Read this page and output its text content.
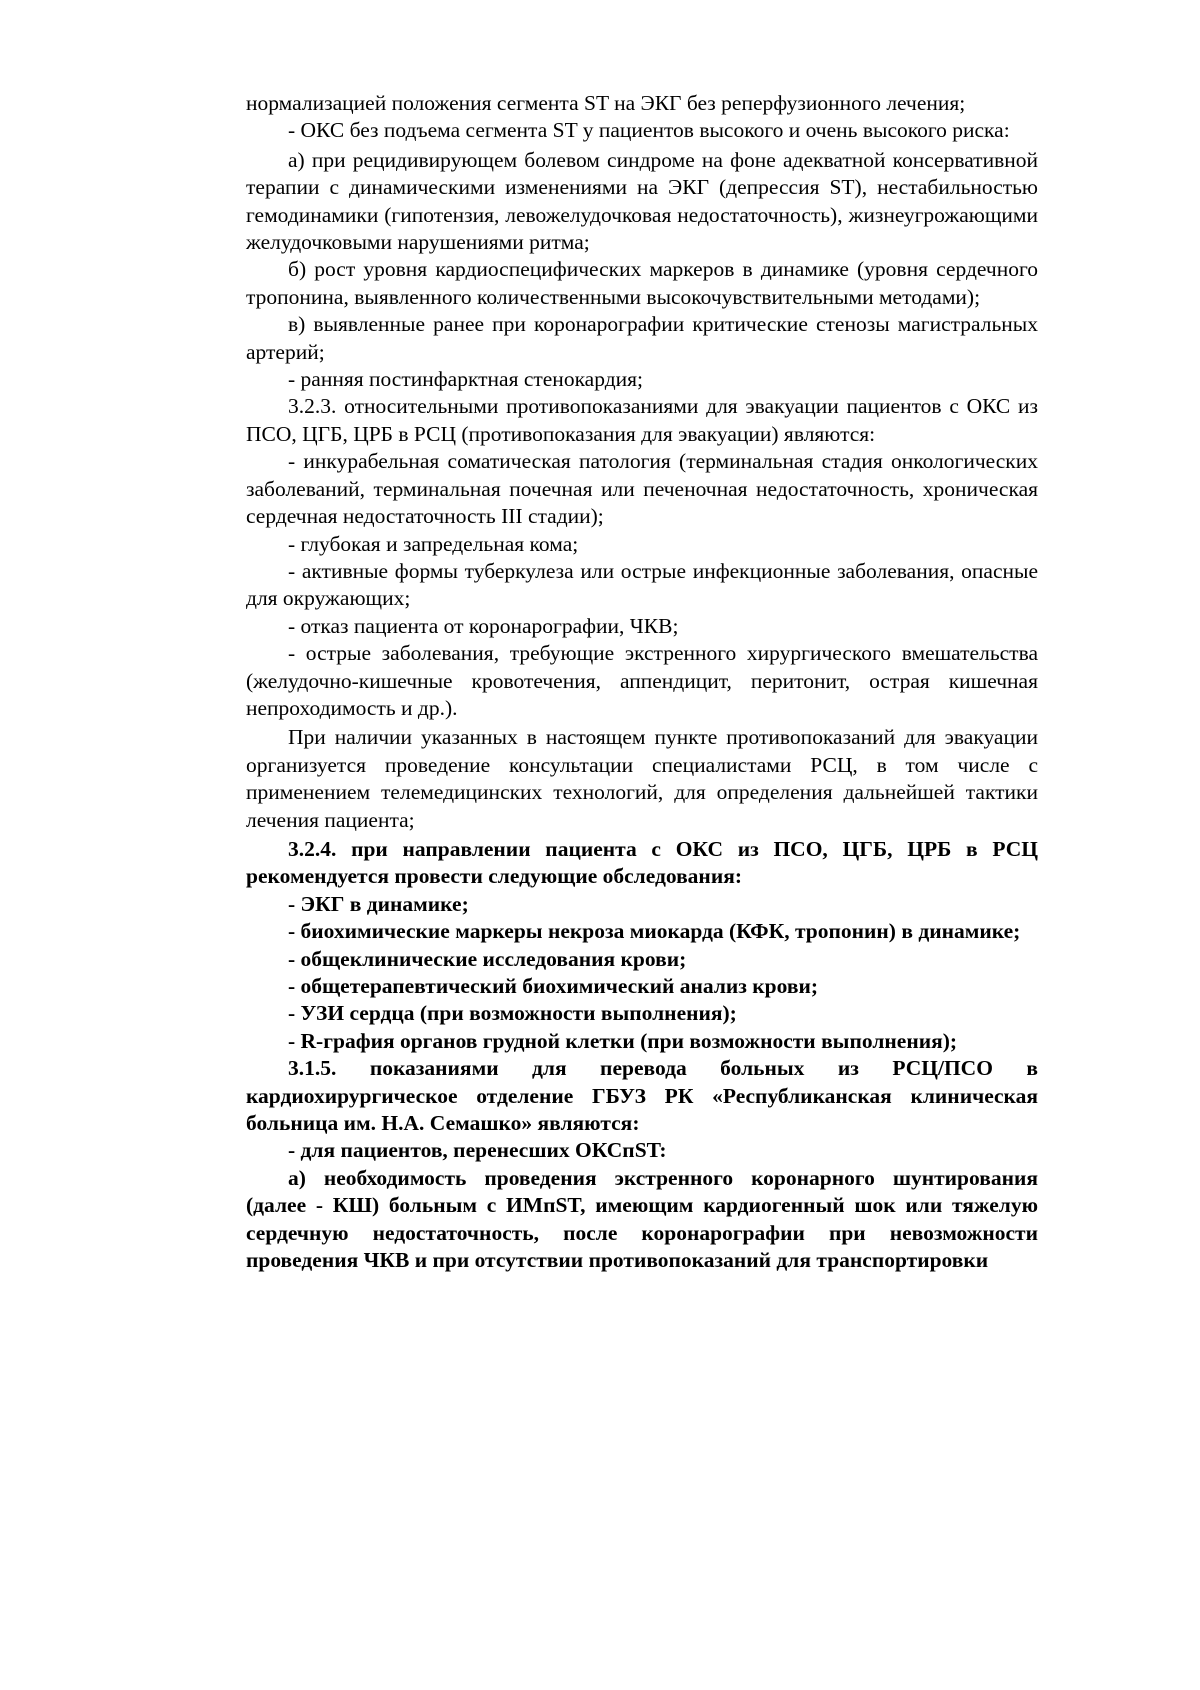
нормализацией положения сегмента ST на ЭКГ без реперфузионного лечения;

- ОКС без подъема сегмента ST у пациентов высокого и очень высокого риска:

а) при рецидивирующем болевом синдроме на фоне адекватной консервативной терапии с динамическими изменениями на ЭКГ (депрессия ST), нестабильностью гемодинамики (гипотензия, левожелудочковая недостаточность), жизнеугрожающими желудочковыми нарушениями ритма;

б) рост уровня кардиоспецифических маркеров в динамике (уровня сердечного тропонина, выявленного количественными высокочувствительными методами);

в) выявленные ранее при коронарографии критические стенозы магистральных артерий;

- ранняя постинфарктная стенокардия;

3.2.3. относительными противопоказаниями для эвакуации пациентов с ОКС из ПСО, ЦГБ, ЦРБ в РСЦ (противопоказания для эвакуации) являются:

- инкурабельная соматическая патология (терминальная стадия онкологических заболеваний, терминальная почечная или печеночная недостаточность, хроническая сердечная недостаточность III стадии);

- глубокая и запредельная кома;

- активные формы туберкулеза или острые инфекционные заболевания, опасные для окружающих;

- отказ пациента от коронарографии, ЧКВ;

- острые заболевания, требующие экстренного хирургического вмешательства (желудочно-кишечные кровотечения, аппендицит, перитонит, острая кишечная непроходимость и др.).

При наличии указанных в настоящем пункте противопоказаний для эвакуации организуется проведение консультации специалистами РСЦ, в том числе с применением телемедицинских технологий, для определения дальнейшей тактики лечения пациента;

3.2.4. при направлении пациента с ОКС из ПСО, ЦГБ, ЦРБ в РСЦ рекомендуется провести следующие обследования:

- ЭКГ в динамике;

- биохимические маркеры некроза миокарда (КФК, тропонин) в динамике;

- общеклинические исследования крови;

- общетерапевтический биохимический анализ крови;

- УЗИ сердца (при возможности выполнения);

- R-графия органов грудной клетки (при возможности выполнения);

3.1.5. показаниями для перевода больных из РСЦ/ПСО в кардиохирургическое отделение ГБУЗ РК «Республиканская клиническая больница им. Н.А. Семашко» являются:

- для пациентов, перенесших ОКСпST:

а) необходимость проведения экстренного коронарного шунтирования (далее - КШ) больным с ИМпST, имеющим кардиогенный шок или тяжелую сердечную недостаточность, после коронарографии при невозможности проведения ЧКВ и при отсутствии противопоказаний для транспортировки
